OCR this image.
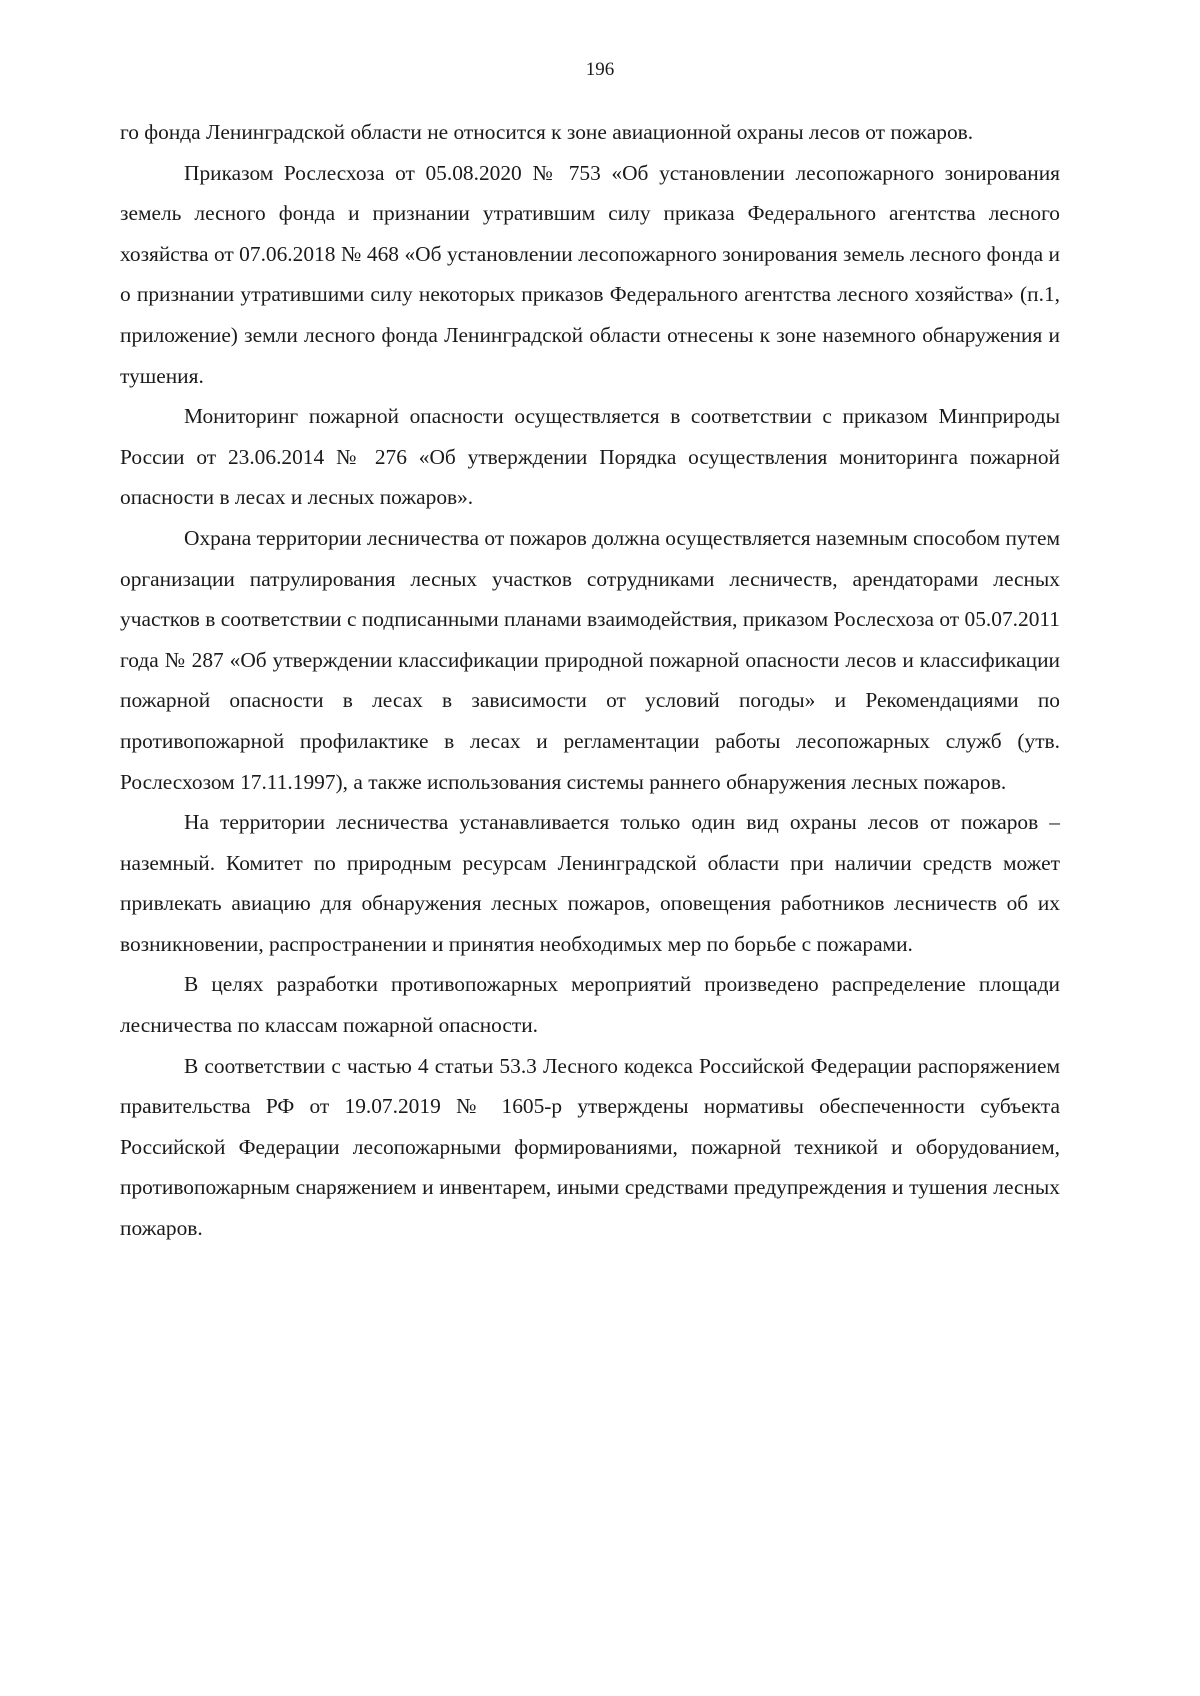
196

го фонда Ленинградской области не относится к зоне авиационной охраны лесов от пожаров.

Приказом Рослесхоза от 05.08.2020 № 753 «Об установлении лесопожарного зонирования земель лесного фонда и признании утратившим силу приказа Федерального агентства лесного хозяйства от 07.06.2018 № 468 «Об установлении лесопожарного зонирования земель лесного фонда и о признании утратившими силу некоторых приказов Федерального агентства лесного хозяйства» (п.1, приложение) земли лесного фонда Ленинградской области отнесены к зоне наземного обнаружения и тушения.

Мониторинг пожарной опасности осуществляется в соответствии с приказом Минприроды России от 23.06.2014 № 276 «Об утверждении Порядка осуществления мониторинга пожарной опасности в лесах и лесных пожаров».

Охрана территории лесничества от пожаров должна осуществляется наземным способом путем организации патрулирования лесных участков сотрудниками лесничеств, арендаторами лесных участков в соответствии с подписанными планами взаимодействия, приказом Рослесхоза от 05.07.2011 года № 287 «Об утверждении классификации природной пожарной опасности лесов и классификации пожарной опасности в лесах в зависимости от условий погоды» и Рекомендациями по противопожарной профилактике в лесах и регламентации работы лесопожарных служб (утв. Рослесхозом 17.11.1997), а также использования системы раннего обнаружения лесных пожаров.

На территории лесничества устанавливается только один вид охраны лесов от пожаров – наземный. Комитет по природным ресурсам Ленинградской области при наличии средств может привлекать авиацию для обнаружения лесных пожаров, оповещения работников лесничеств об их возникновении, распространении и принятия необходимых мер по борьбе с пожарами.

В целях разработки противопожарных мероприятий произведено распределение площади лесничества по классам пожарной опасности.

В соответствии с частью 4 статьи 53.3 Лесного кодекса Российской Федерации распоряжением правительства РФ от 19.07.2019 № 1605-р утверждены нормативы обеспеченности субъекта Российской Федерации лесопожарными формированиями, пожарной техникой и оборудованием, противопожарным снаряжением и инвентарем, иными средствами предупреждения и тушения лесных пожаров.
